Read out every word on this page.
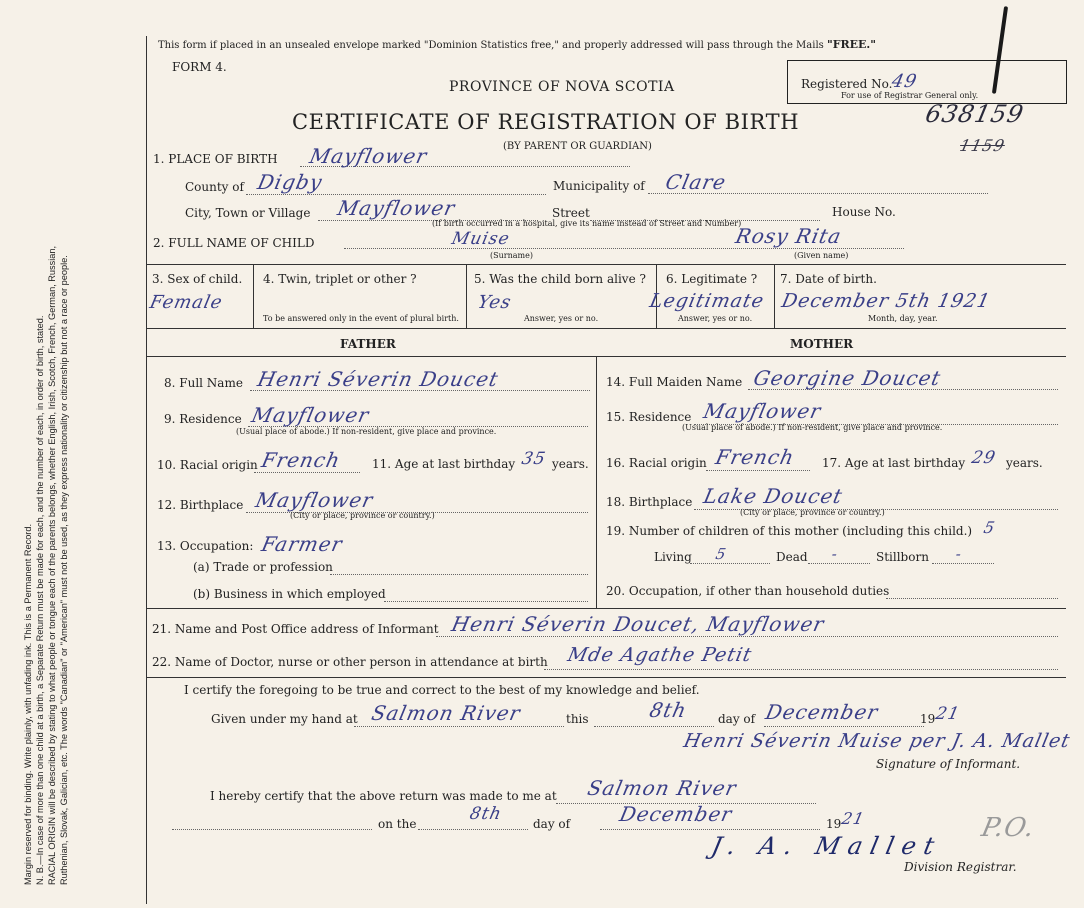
Margin reserved for binding. Write plainly, with unfading ink. This is a Permanent Record. N. B.—In case of more than one child at a birth, a Separate Return must be made for each, and the number of each, in order of birth, stated. RACIAL ORIGIN will be described by stating to what people or tongue each of the parents belongs, whether English, Irish, Scotch, French, German, Russian, Ruthenian, Slovak, Galician, etc. The words "Canadian" or "American" must not be used, as they express nationality or citizenship but not a race or people.
This form if placed in an unsealed envelope marked "Dominion Statistics free," and properly addressed will pass through the Mails "FREE."
FORM 4.
PROVINCE OF NOVA SCOTIA
CERTIFICATE OF REGISTRATION OF BIRTH
(BY PARENT OR GUARDIAN)
Registered No.
49
For use of Registrar General only.
638159
1159
1. PLACE OF BIRTH Mayflower
County of Digby	Municipality of Clare
City, Town or Village Mayflower	Street	House No.
(If birth occurred in a hospital, give its name instead of Street and Number)
2. FULL NAME OF CHILD	Muise
(Surname)
Rosy Rita
(Given name)
3. Sex of child.
Female
4. Twin, triplet or other ?
To be answered only in the event of plural birth.
5. Was the child born alive ?
Yes
Answer, yes or no.
6. Legitimate ?
Legitimate
Answer, yes or no.
7. Date of birth.
December 5th 1921
Month, day, year.
FATHER	MOTHER
8. Full Name Henri Séverin Doucet
9. Residence Mayflower
(Usual place of abode.) If non-resident, give place and province.
10. Racial origin French 11. Age at last birthday 35 years.
12. Birthplace Mayflower
(City or place, province or country.)
13. Occupation: Farmer
(a) Trade or profession
(b) Business in which employed
14. Full Maiden Name Georgine Doucet
15. Residence Mayflower
(Usual place of abode.) If non-resident, give place and province.
16. Racial origin French 17. Age at last birthday 29 years.
18. Birthplace Lake Doucet
(City or place, province or country.)
19. Number of children of this mother (including this child.) 5
Living 5	Dead -	Stillborn -
20. Occupation, if other than household duties
21. Name and Post Office address of Informant Henri Séverin Doucet, Mayflower
22. Name of Doctor, nurse or other person in attendance at birth Mde Agathe Petit
I certify the foregoing to be true and correct to the best of my knowledge and belief.
Given under my hand at Salmon River	this	8th day of December	19
21
Henri Séverin Muise per J. A. Mallet
Signature of Informant.
I hereby certify that the above return was made to me at Salmon River
on the	8th day of December	19
21
J. A. Mallet
P.O.
Division Registrar.
